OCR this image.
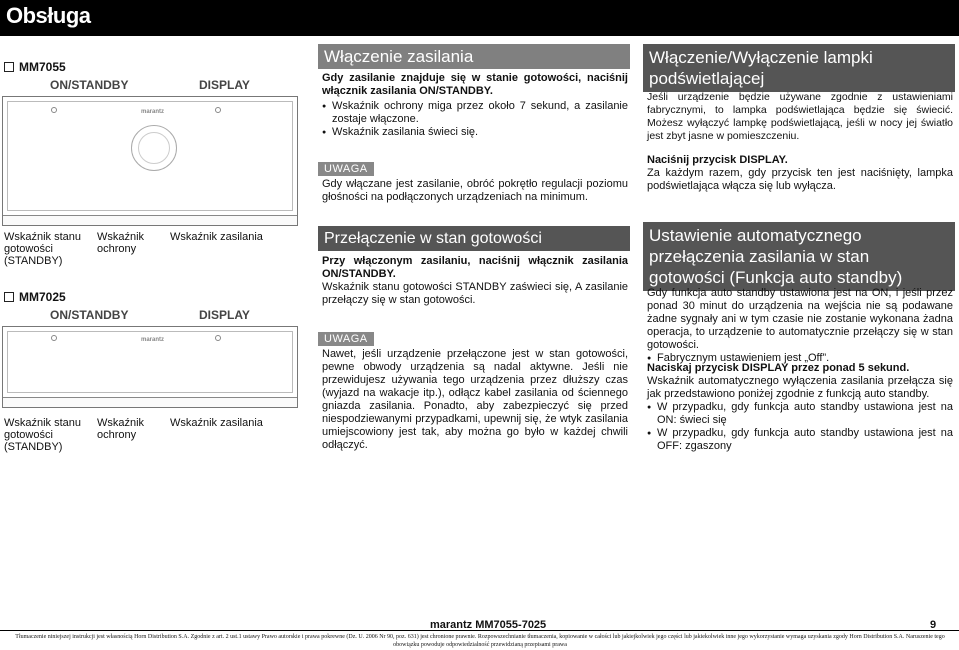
Obsługa
MM7055
ON/STANDBY	DISPLAY
marantz
Wskaźnik stanu gotowości (STANDBY)
Wskaźnik ochrony
Wskaźnik zasilania
MM7025
ON/STANDBY	DISPLAY
marantz
Wskaźnik stanu gotowości (STANDBY)
Wskaźnik ochrony
Wskaźnik zasilania
Włączenie zasilania
Gdy zasilanie znajduje się w stanie gotowości, naciśnij włącznik zasilania ON/STANDBY.
● Wskaźnik ochrony miga przez około 7 sekund, a zasilanie zostaje włączone.
● Wskaźnik zasilania świeci się.
UWAGA
Gdy włączane jest zasilanie, obróć pokrętło regulacji poziomu głośności na podłączonych urządzeniach na minimum.
Przełączenie w stan gotowości
Przy włączonym zasilaniu, naciśnij włącznik zasilania ON/STANDBY.
Wskaźnik stanu gotowości STANDBY zaświeci się, A zasilanie przełączy się w stan gotowości.
UWAGA
Nawet, jeśli urządzenie przełączone jest w stan gotowości, pewne obwody urządzenia są nadal aktywne. Jeśli nie przewidujesz używania tego urządzenia przez dłuższy czas (wyjazd na wakacje itp.), odłącz kabel zasilania od ściennego gniazda zasilania. Ponadto, aby zabezpieczyć się przed niespodziewanymi przypadkami, upewnij się, że wtyk zasilania umiejscowiony jest tak, aby można go było w każdej chwili odłączyć.
Włączenie/Wyłączenie lampki podświetlającej
Jeśli urządzenie będzie używane zgodnie z ustawieniami fabrycznymi, to lampka podświetlająca będzie się świecić. Możesz wyłączyć lampkę podświetlającą, jeśli w nocy jej światło jest zbyt jasne w pomieszczeniu.
Naciśnij przycisk DISPLAY.
Za każdym razem, gdy przycisk ten jest naciśnięty, lampka podświetlająca włącza się lub wyłącza.
Ustawienie automatycznego przełączenia zasilania w stan gotowości (Funkcja auto standby)
Gdy funkcja auto standby ustawiona jest na ON, i jeśli przez ponad 30 minut do urządzenia na wejścia nie są podawane żadne sygnały ani w tym czasie nie zostanie wykonana żadna operacja, to urządzenie to automatycznie przełączy się w stan gotowości.
● Fabrycznym ustawieniem jest „Off”.
Naciskaj przycisk DISPLAY przez ponad 5 sekund.
Wskaźnik automatycznego wyłączenia zasilania przełącza się jak przedstawiono poniżej zgodnie z funkcją auto standby.
● W przypadku, gdy funkcja auto standby ustawiona jest na ON: świeci się
● W przypadku, gdy funkcja auto standby ustawiona jest na OFF: zgaszony
marantz MM7055-7025	9
Tłumaczenie niniejszej instrukcji jest własnością Horn Distribution S.A. Zgodnie z art. 2 ust.1 ustawy Prawo autorskie i prawa pokrewne (Dz. U. 2006 Nr 90, poz. 631) jest chronione prawnie. Rozpowszechnianie tłumaczenia, kopiowanie w całości lub jakiejkolwiek jego części lub jakiekolwiek inne jego wykorzystanie wymaga uzyskania zgody Horn Distribution S.A. Naruszenie tego obowiązku powoduje odpowiedzialność przewidzianą przepisami prawa
